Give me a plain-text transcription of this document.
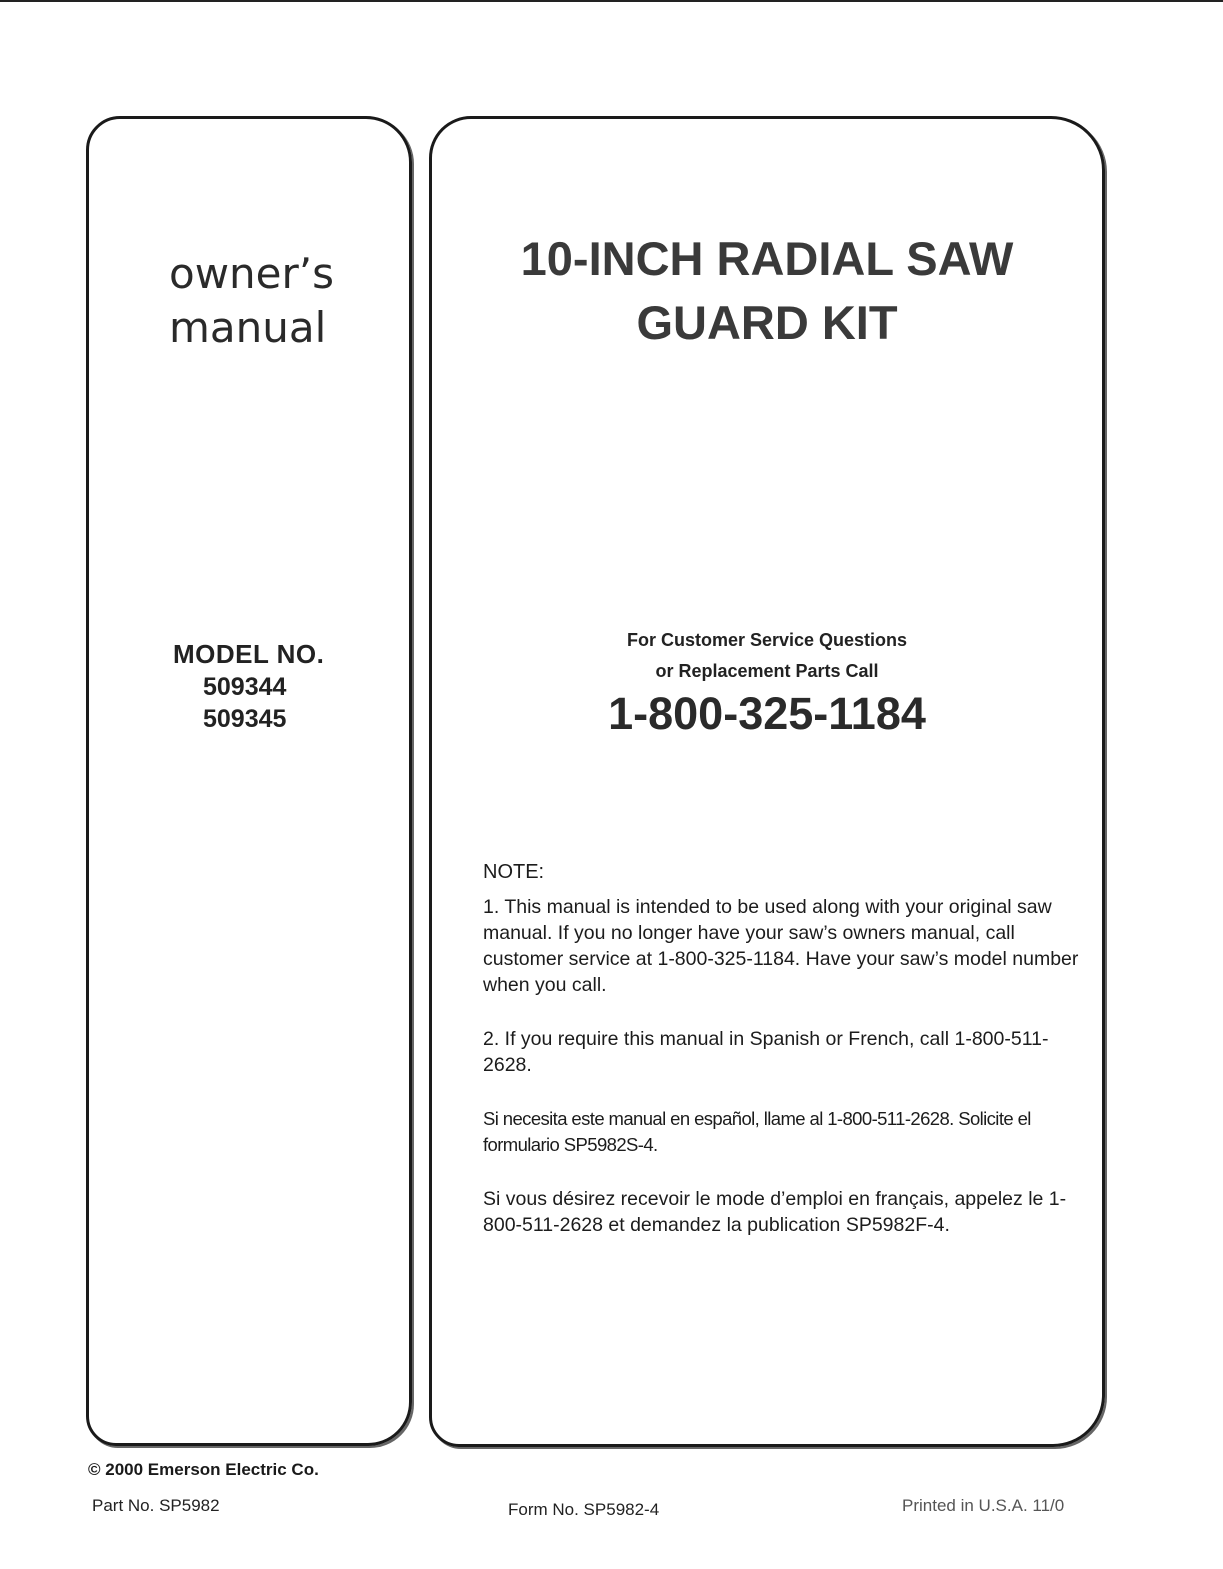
owner’s
manual
MODEL NO.
509344
509345
10-INCH RADIAL SAW
GUARD KIT
For Customer Service Questions
or Replacement Parts Call
1-800-325-1184
NOTE:

1. This manual is intended to be used along with your original saw manual. If you no longer have your saw’s owners manual, call customer service at 1-800-325-1184. Have your saw’s model number when you call.

2. If you require this manual in Spanish or French, call 1-800-511-2628.

Si necesita este manual en español, llame al 1-800-511-2628. Solicite el formulario SP5982S-4.

Si vous désirez recevoir le mode d’emploi en français, appelez le 1-800-511-2628 et demandez la publication SP5982F-4.

© 2000 Emerson Electric Co.
Part No. SP5982	Form No. SP5982-4	Printed in U.S.A. 11/0
